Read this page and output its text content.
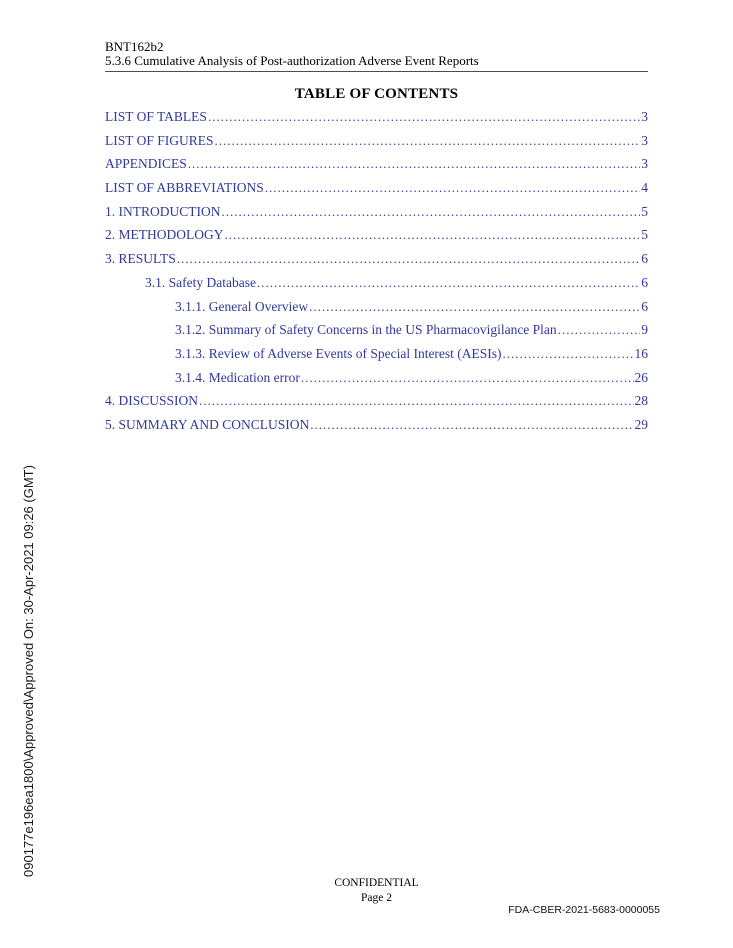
BNT162b2
5.3.6 Cumulative Analysis of Post-authorization Adverse Event Reports
TABLE OF CONTENTS
LIST OF TABLES .....	3
LIST OF FIGURES .....	3
APPENDICES .....	3
LIST OF ABBREVIATIONS .....	4
1. INTRODUCTION .....	5
2. METHODOLOGY .....	5
3. RESULTS .....	6
3.1. Safety Database .....	6
3.1.1. General Overview .....	6
3.1.2. Summary of Safety Concerns in the US Pharmacovigilance Plan .....	9
3.1.3. Review of Adverse Events of Special Interest (AESIs) .....	16
3.1.4. Medication error .....	26
4. DISCUSSION .....	28
5. SUMMARY AND CONCLUSION .....	29
090177e196ea1800\Approved\Approved On: 30-Apr-2021 09:26 (GMT)
CONFIDENTIAL
Page 2
FDA-CBER-2021-5683-0000055
